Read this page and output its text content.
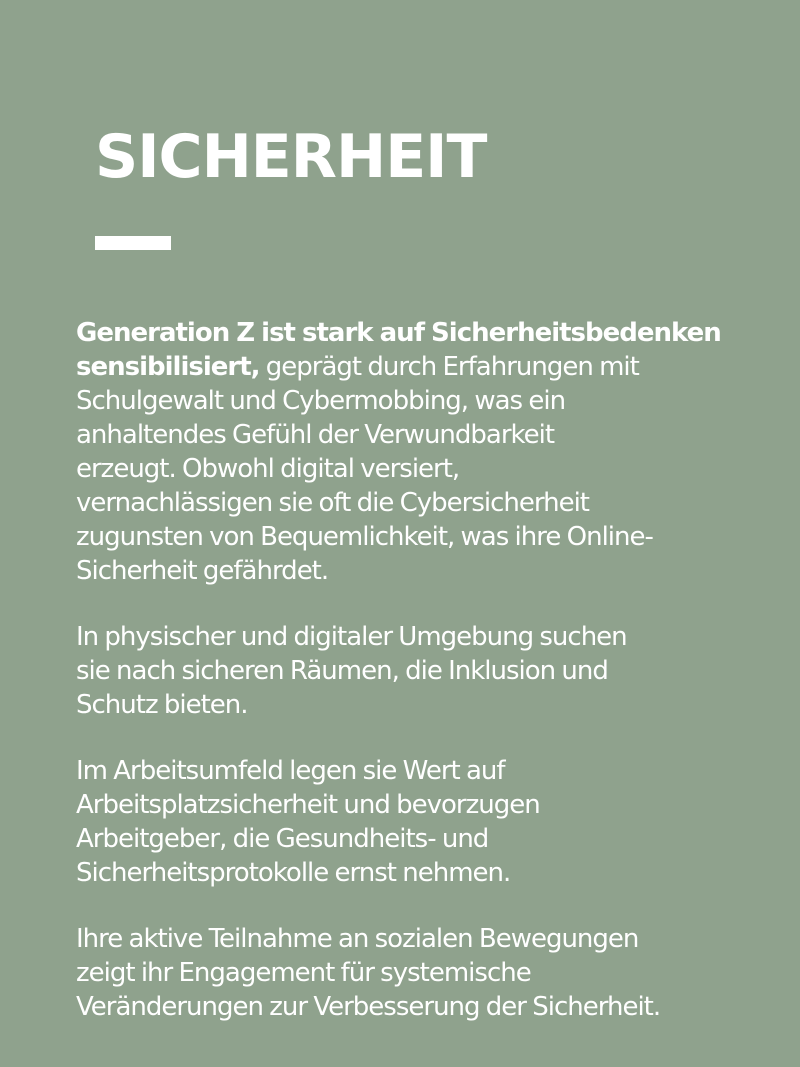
SICHERHEIT

Generation Z ist stark auf Sicherheitsbedenken
sensibilisiert, geprägt durch Erfahrungen mit
Schulgewalt und Cybermobbing, was ein
anhaltendes Gefühl der Verwundbarkeit
erzeugt. Obwohl digital versiert,
vernachlässigen sie oft die Cybersicherheit
zugunsten von Bequemlichkeit, was ihre Online-
Sicherheit gefährdet.

In physischer und digitaler Umgebung suchen
sie nach sicheren Räumen, die Inklusion und
Schutz bieten.

Im Arbeitsumfeld legen sie Wert auf
Arbeitsplatzsicherheit und bevorzugen
Arbeitgeber, die Gesundheits- und
Sicherheitsprotokolle ernst nehmen.

Ihre aktive Teilnahme an sozialen Bewegungen
zeigt ihr Engagement für systemische
Veränderungen zur Verbesserung der Sicherheit.
